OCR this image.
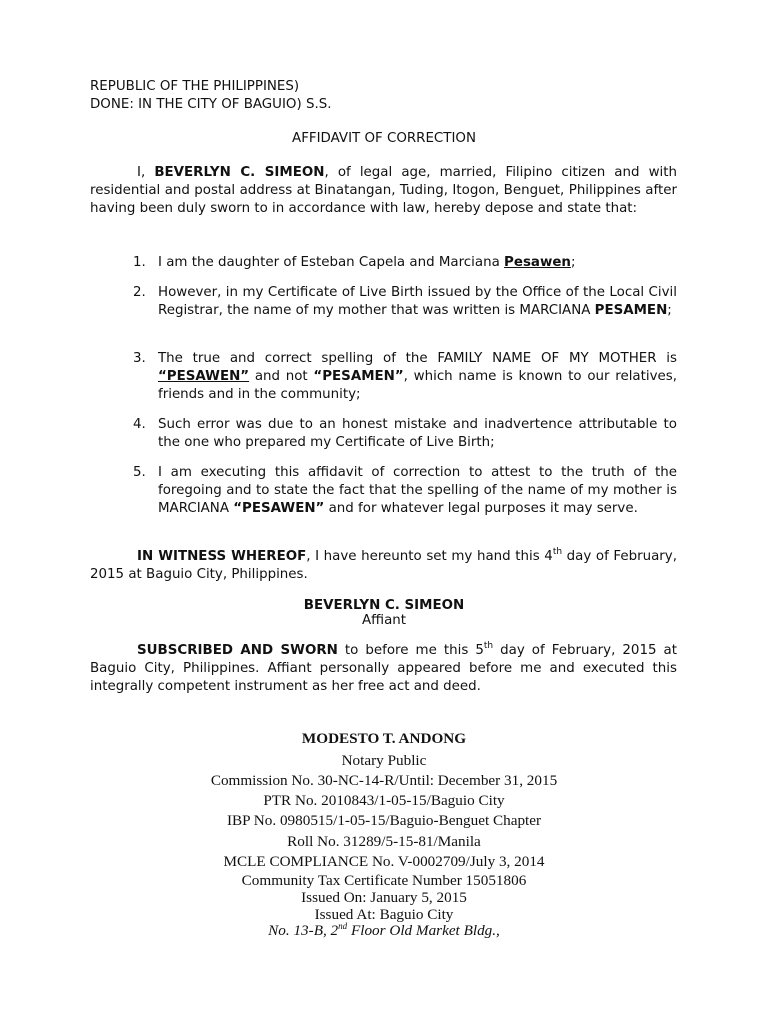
REPUBLIC OF THE PHILIPPINES)
DONE: IN THE CITY OF BAGUIO) S.S.
AFFIDAVIT OF CORRECTION
I, BEVERLYN C. SIMEON, of legal age, married, Filipino citizen and with residential and postal address at Binatangan, Tuding, Itogon, Benguet, Philippines after having been duly sworn to in accordance with law, hereby depose and state that:

1. I am the daughter of Esteban Capela and Marciana Pesawen;

2. However, in my Certificate of Live Birth issued by the Office of the Local Civil Registrar, the name of my mother that was written is MARCIANA PESAMEN;

3. The true and correct spelling of the FAMILY NAME OF MY MOTHER is “PESAWEN” and not “PESAMEN”, which name is known to our relatives, friends and in the community;

4. Such error was due to an honest mistake and inadvertence attributable to the one who prepared my Certificate of Live Birth;

5. I am executing this affidavit of correction to attest to the truth of the foregoing and to state the fact that the spelling of the name of my mother is MARCIANA “PESAWEN” and for whatever legal purposes it may serve.

IN WITNESS WHEREOF, I have hereunto set my hand this 4th day of February, 2015 at Baguio City, Philippines.
BEVERLYN C. SIMEON
Affiant
SUBSCRIBED AND SWORN to before me this 5th day of February, 2015 at Baguio City, Philippines. Affiant personally appeared before me and executed this integrally competent instrument as her free act and deed.
MODESTO T. ANDONG
Notary Public
Commission No. 30-NC-14-R/Until: December 31, 2015
PTR No. 2010843/1-05-15/Baguio City
IBP No. 0980515/1-05-15/Baguio-Benguet Chapter
Roll No. 31289/5-15-81/Manila
MCLE COMPLIANCE No. V-0002709/July 3, 2014
Community Tax Certificate Number 15051806
Issued On: January 5, 2015
Issued At: Baguio City
No. 13-B, 2nd Floor Old Market Bldg.,
